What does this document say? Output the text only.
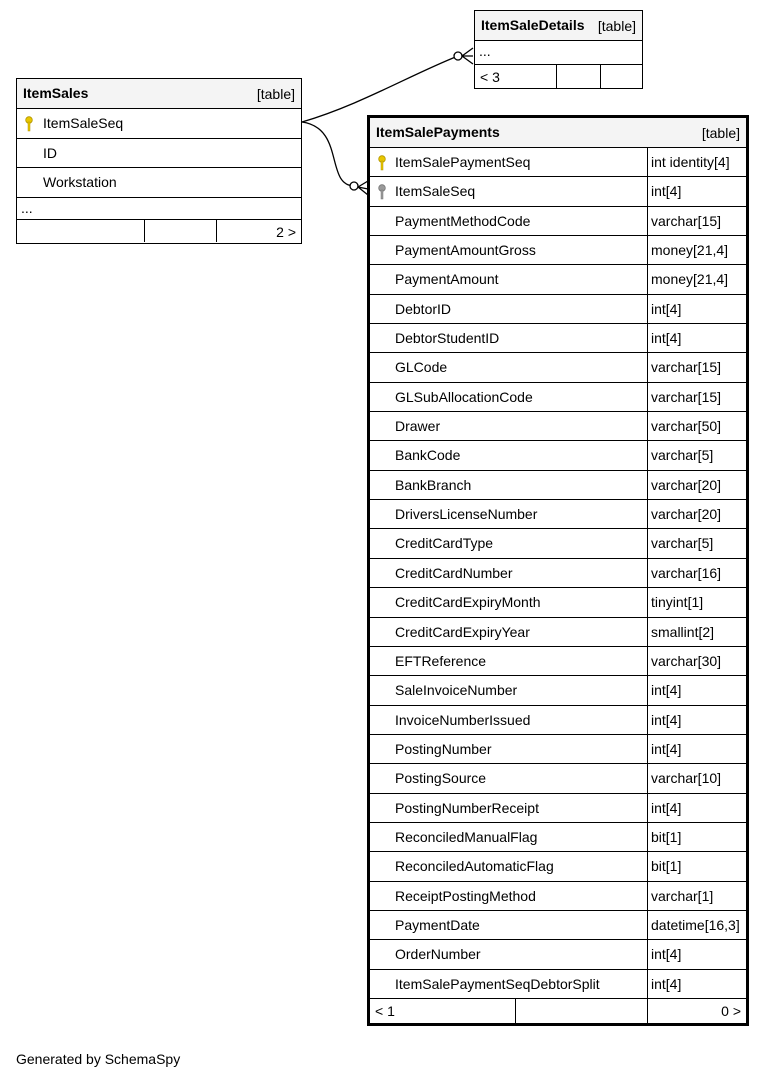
ItemSales	[table]
ItemSaleSeq
ID
Workstation
...
2 >
ItemSaleDetails [table]
...
< 3
ItemSalePayments	[table]
ItemSalePaymentSeq	int identity[4]
ItemSaleSeq	int[4]
PaymentMethodCode	varchar[15]
PaymentAmountGross	money[21,4]
PaymentAmount	money[21,4]
DebtorID	int[4]
DebtorStudentID	int[4]
GLCode	varchar[15]
GLSubAllocationCode	varchar[15]
Drawer	varchar[50]
BankCode	varchar[5]
BankBranch	varchar[20]
DriversLicenseNumber	varchar[20]
CreditCardType	varchar[5]
CreditCardNumber	varchar[16]
CreditCardExpiryMonth	tinyint[1]
CreditCardExpiryYear	smallint[2]
EFTReference	varchar[30]
SaleInvoiceNumber	int[4]
InvoiceNumberIssued	int[4]
PostingNumber	int[4]
PostingSource	varchar[10]
PostingNumberReceipt	int[4]
ReconciledManualFlag	bit[1]
ReconciledAutomaticFlag	bit[1]
ReceiptPostingMethod	varchar[1]
PaymentDate	datetime[16,3]
OrderNumber	int[4]
ItemSalePaymentSeqDebtorSplit	int[4]
< 1	0 >
Generated by SchemaSpy
